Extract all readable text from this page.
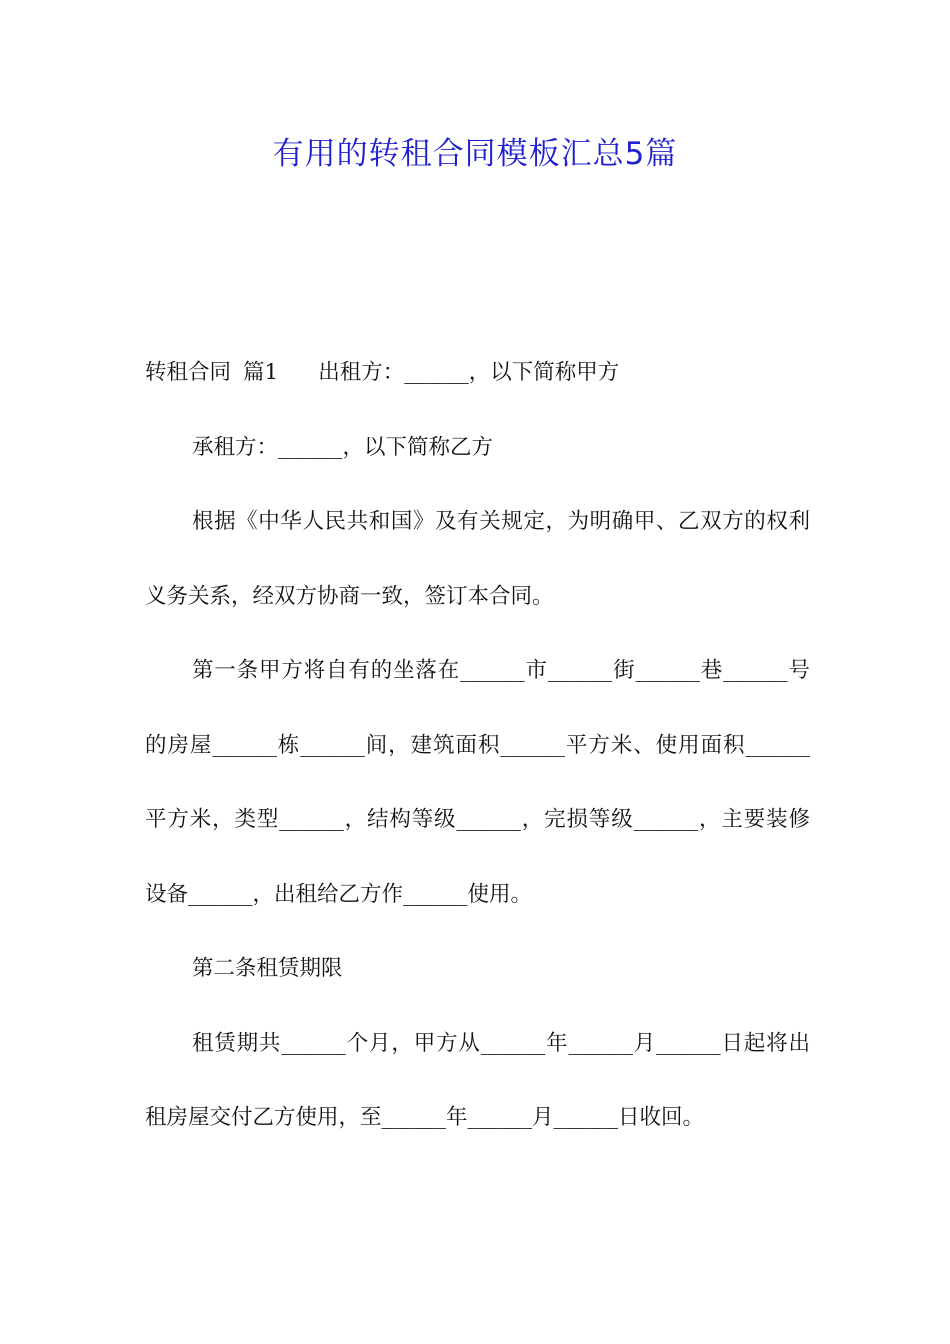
有用的转租合同模板汇总5篇

转租合同 篇1 出租方：______，以下简称甲方

承租方：______，以下简称乙方

根据《中华人民共和国》及有关规定，为明确甲、乙双方的权利义务关系，经双方协商一致，签订本合同。

第一条甲方将自有的坐落在______市______街______巷______号的房屋______栋______间，建筑面积______平方米、使用面积______平方米，类型______，结构等级______，完损等级______，主要装修设备______，出租给乙方作______使用。

第二条租赁期限

租赁期共______个月，甲方从______年______月______日起将出租房屋交付乙方使用，至______年______月______日收回。
